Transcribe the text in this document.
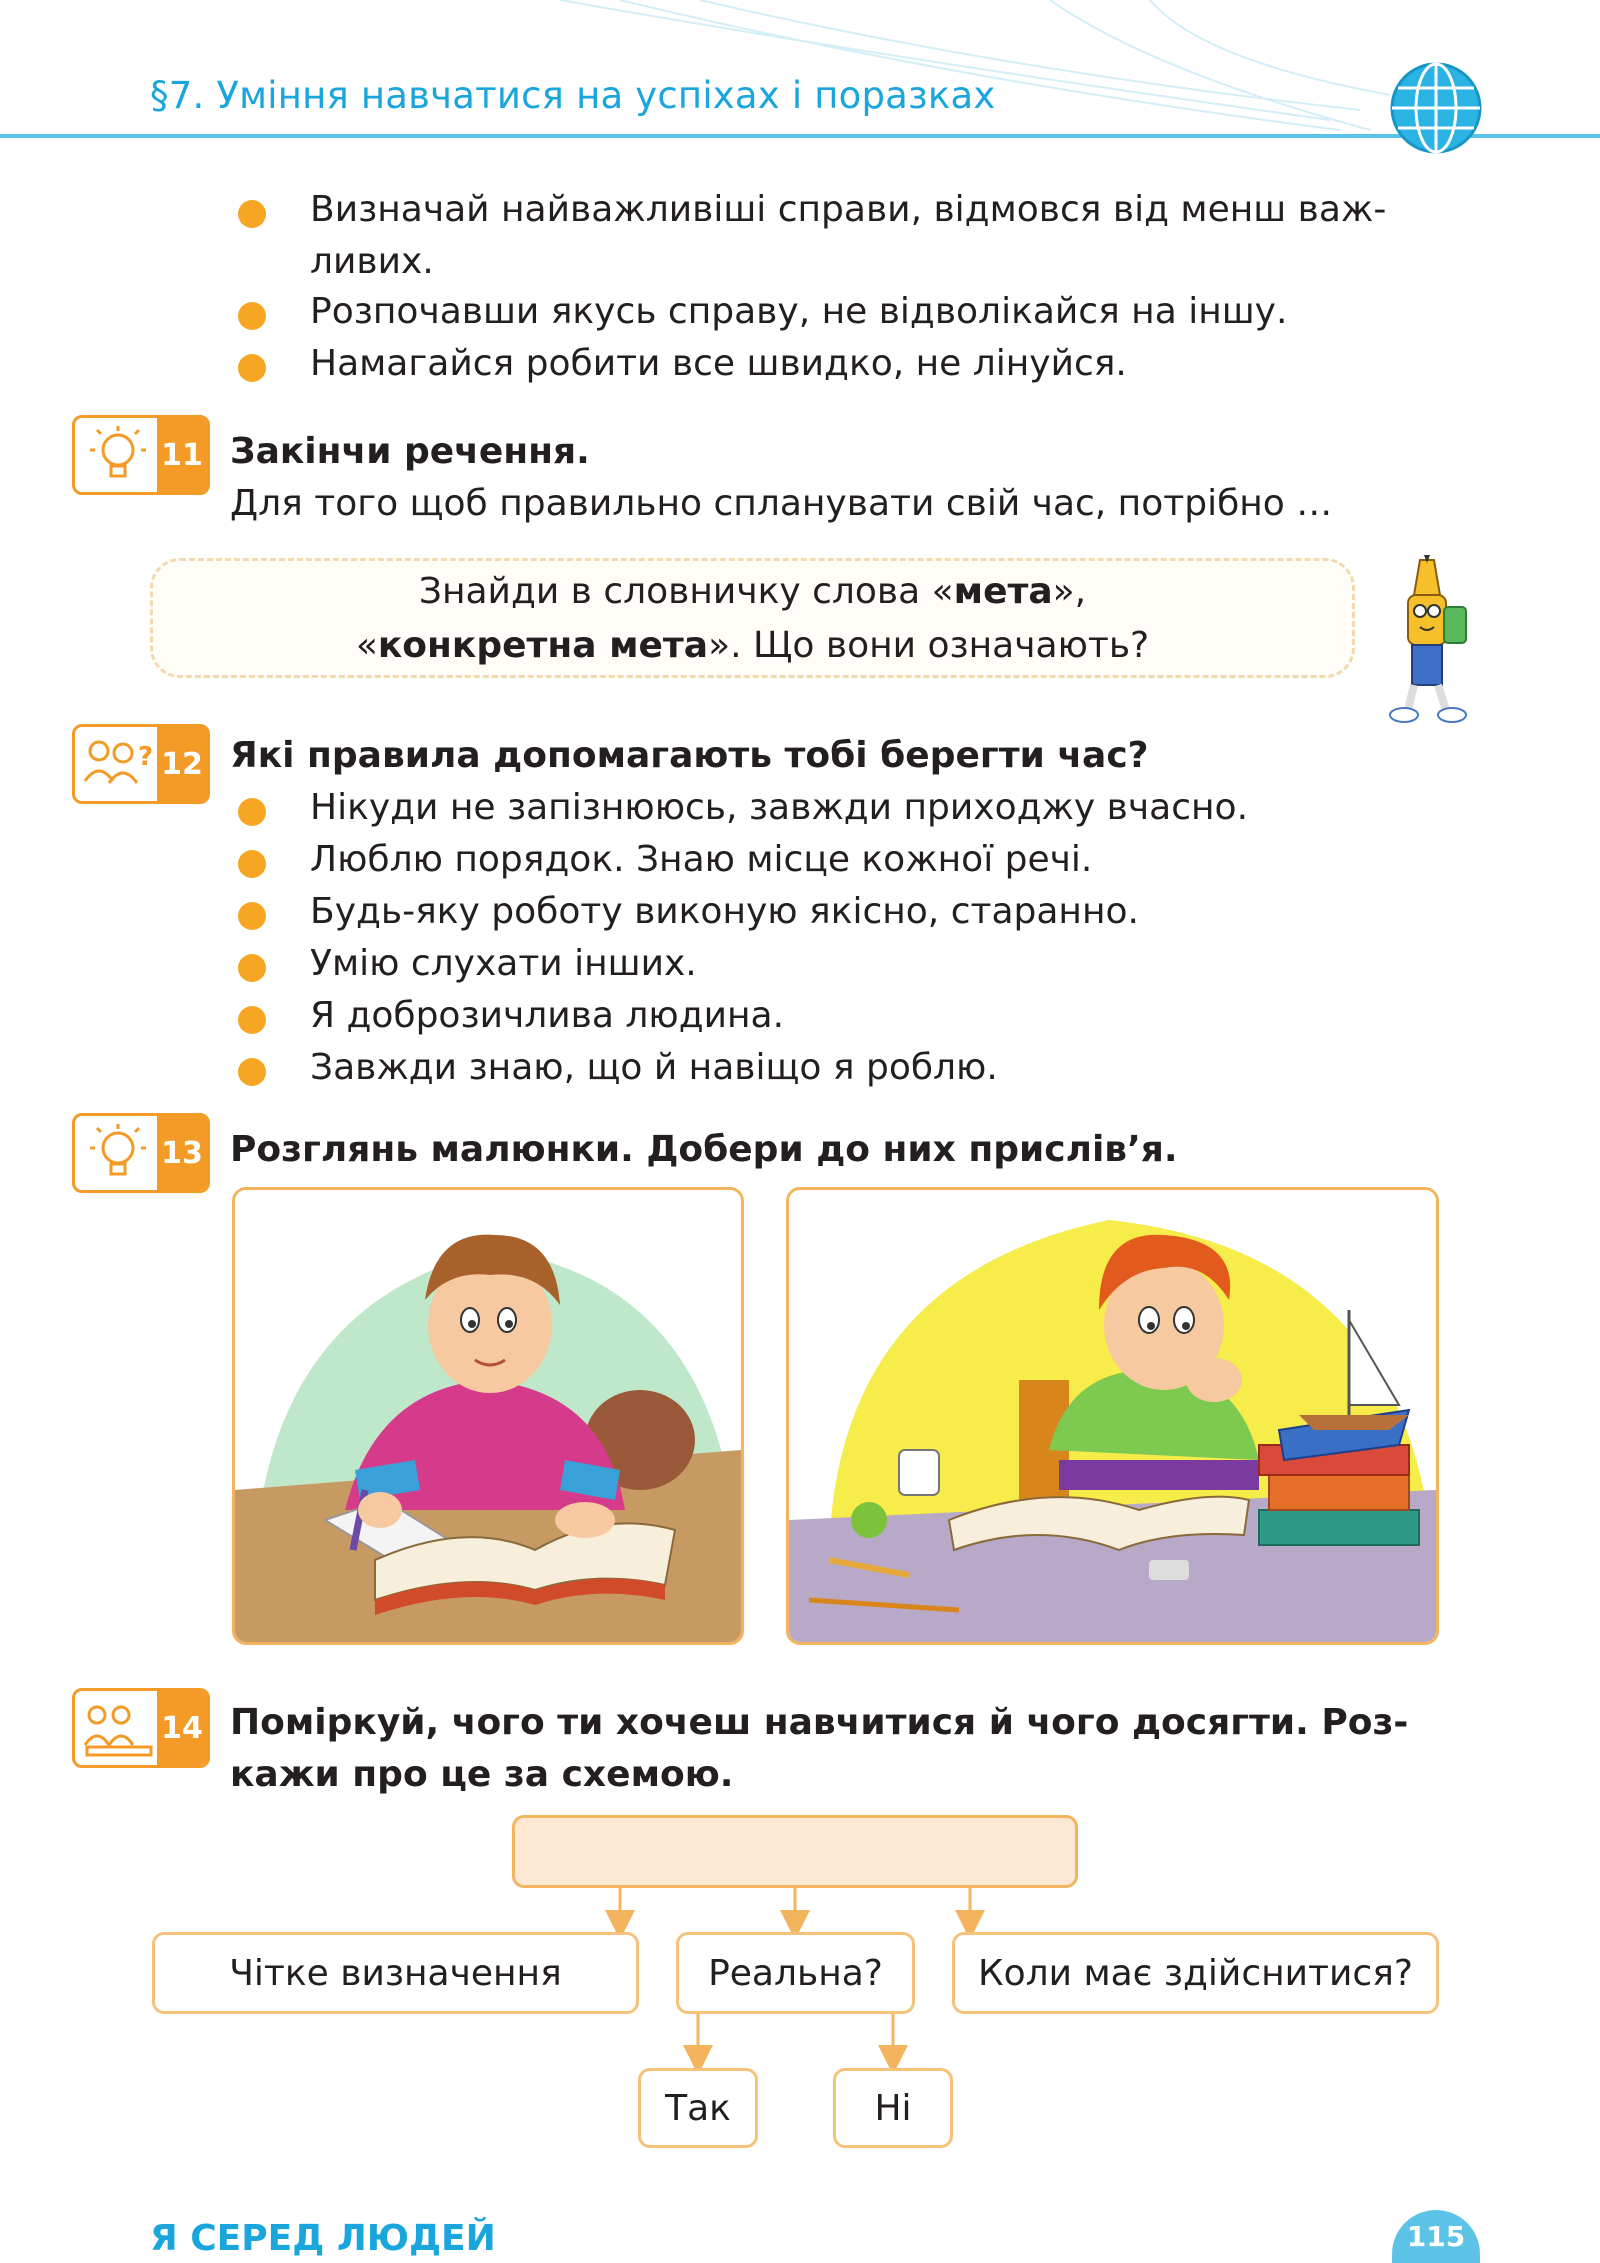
§7. Уміння навчатися на успіхах і поразках
Визначай найважливіші справи, відмовся від менш важ-
ливих.
Розпочавши якусь справу, не відволікайся на іншу.
Намагайся робити все швидко, не лінуйся.
11 Закінчи речення.
Для того щоб правильно спланувати свій час, потрібно …
Знайди в словничку слова «мета»,
«конкретна мета». Що вони означають?
? 12 Які правила допомагають тобі берегти час?
Нікуди не запізнююсь, завжди приходжу вчасно.
Люблю порядок. Знаю місце кожної речі.
Будь-яку роботу виконую якісно, старанно.
Умію слухати інших.
Я доброзичлива людина.
Завжди знаю, що й навіщо я роблю.
13 Розглянь малюнки. Добери до них прислів’я.
14 Поміркуй, чого ти хочеш навчитися й чого досягти. Роз-
кажи про це за схемою.
Чітке визначення	Реальна?	Коли має здійснитися?
Так	Ні
Я СЕРЕД ЛЮДЕЙ	115
